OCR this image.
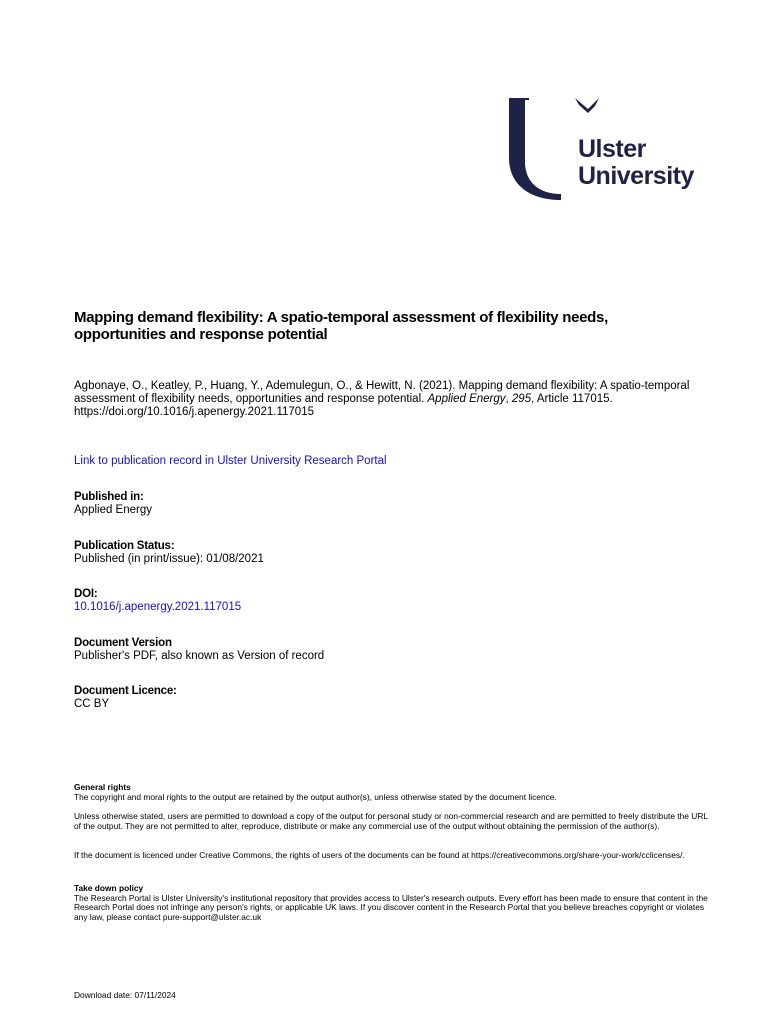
Ulster
University
Mapping demand flexibility: A spatio-temporal assessment of flexibility needs, opportunities and response potential
Agbonaye, O., Keatley, P., Huang, Y., Ademulegun, O., & Hewitt, N. (2021). Mapping demand flexibility: A spatio-temporal assessment of flexibility needs, opportunities and response potential. Applied Energy, 295, Article 117015. https://doi.org/10.1016/j.apenergy.2021.117015
Link to publication record in Ulster University Research Portal
Published in:
Applied Energy
Publication Status:
Published (in print/issue): 01/08/2021
DOI:
10.1016/j.apenergy.2021.117015
Document Version
Publisher's PDF, also known as Version of record
Document Licence:
CC BY
General rights
The copyright and moral rights to the output are retained by the output author(s), unless otherwise stated by the document licence.
Unless otherwise stated, users are permitted to download a copy of the output for personal study or non-commercial research and are permitted to freely distribute the URL of the output. They are not permitted to alter, reproduce, distribute or make any commercial use of the output without obtaining the permission of the author(s).
If the document is licenced under Creative Commons, the rights of users of the documents can be found at https://creativecommons.org/share-your-work/cclicenses/.
Take down policy
The Research Portal is Ulster University's institutional repository that provides access to Ulster's research outputs. Every effort has been made to ensure that content in the Research Portal does not infringe any person's rights, or applicable UK laws. If you discover content in the Research Portal that you believe breaches copyright or violates any law, please contact pure-support@ulster.ac.uk
Download date: 07/11/2024
